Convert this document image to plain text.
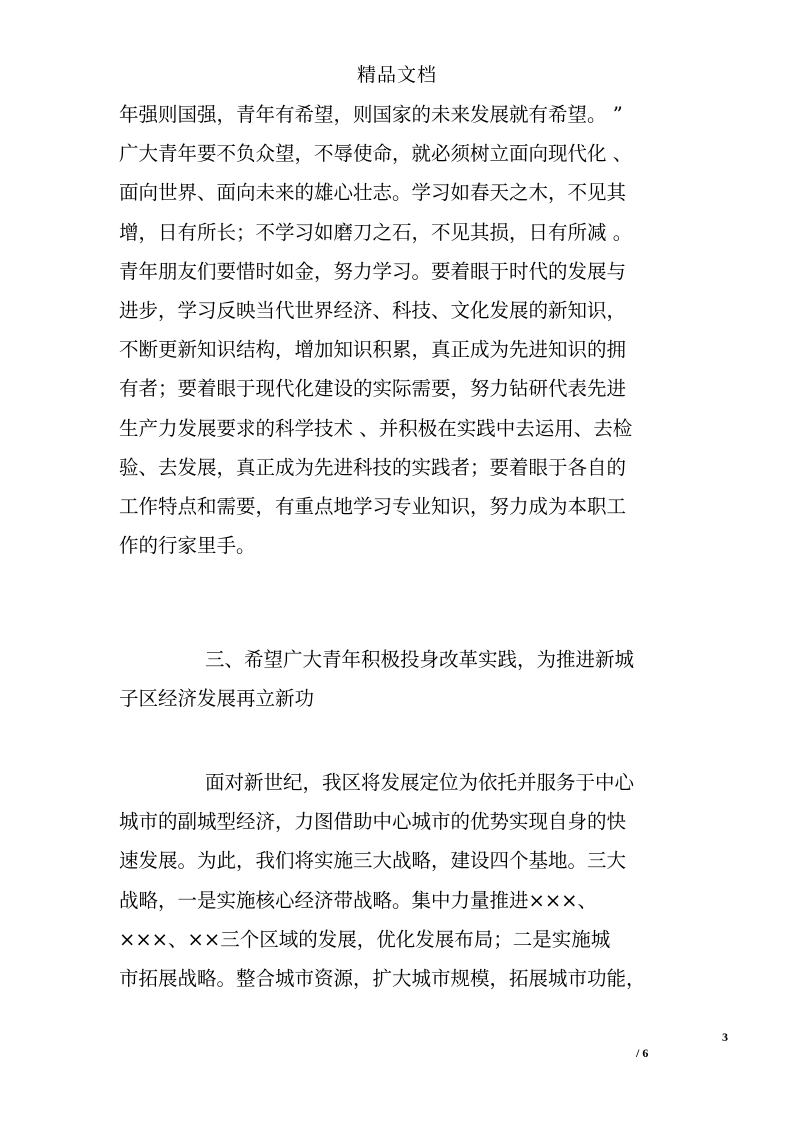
精品文档
年强则国强，青年有希望，则国家的未来发展就有希望。 ”
广大青年要不负众望，不辱使命，就必须树立面向现代化 、
面向世界、面向未来的雄心壮志。学习如春天之木，不见其
增，日有所长；不学习如磨刀之石，不见其损，日有所减 。
青年朋友们要惜时如金，努力学习。要着眼于时代的发展与
进步，学习反映当代世界经济、科技、文化发展的新知识，
不断更新知识结构，增加知识积累，真正成为先进知识的拥
有者；要着眼于现代化建设的实际需要，努力钻研代表先进
生产力发展要求的科学技术 、并积极在实践中去运用、去检
验、去发展，真正成为先进科技的实践者；要着眼于各自的
工作特点和需要，有重点地学习专业知识，努力成为本职工
作的行家里手。
三、希望广大青年积极投身改革实践，为推进新城
子区经济发展再立新功
面对新世纪，我区将发展定位为依托并服务于中心
城市的副城型经济，力图借助中心城市的优势实现自身的快
速发展。为此，我们将实施三大战略，建设四个基地。三大
战略，一是实施核心经济带战略。集中力量推进×××、
×××、××三个区域的发展，优化发展布局；二是实施城
市拓展战略。整合城市资源，扩大城市规模，拓展城市功能，
3
/ 6
